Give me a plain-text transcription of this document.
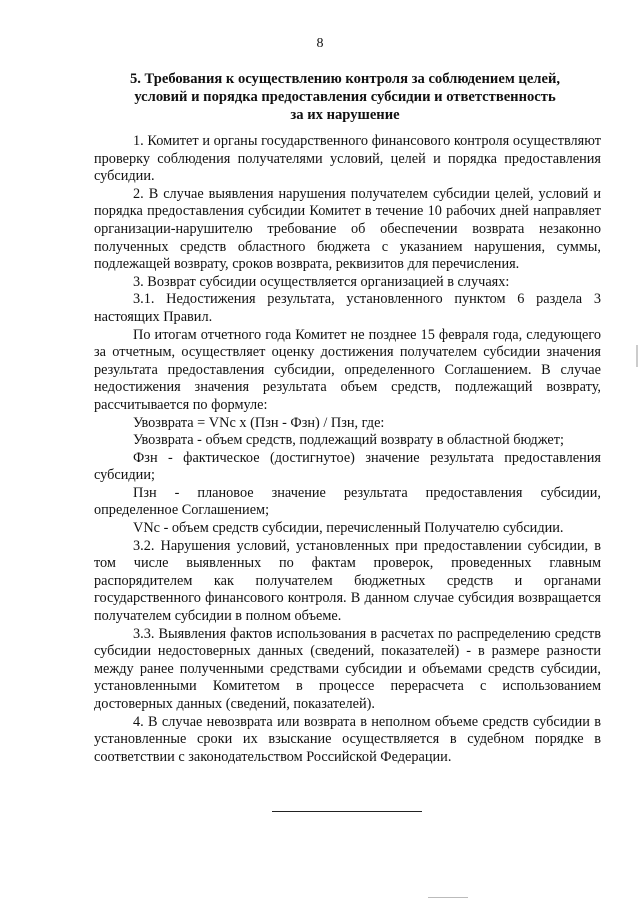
8
5. Требования к осуществлению контроля за соблюдением целей,
условий и порядка предоставления субсидии и ответственность
за их нарушение

1. Комитет и органы государственного финансового контроля осуществляют проверку соблюдения получателями условий, целей и порядка предоставления субсидии.

2. В случае выявления нарушения получателем субсидии целей, условий и порядка предоставления субсидии Комитет в течение 10 рабочих дней направляет организации-нарушителю требование об обеспечении возврата незаконно полученных средств областного бюджета с указанием нарушения, суммы, подлежащей возврату, сроков возврата, реквизитов для перечисления.

3. Возврат субсидии осуществляется организацией в случаях:

3.1. Недостижения результата, установленного пунктом 6 раздела 3 настоящих Правил.

По итогам отчетного года Комитет не позднее 15 февраля года, следующего за отчетным, осуществляет оценку достижения получателем субсидии значения результата предоставления субсидии, определенного Соглашением. В случае недостижения значения результата объем средств, подлежащий возврату, рассчитывается по формуле:

Увозврата = VNc х (Пзн - Фзн) / Пзн, где:

Увозврата - объем средств, подлежащий возврату в областной бюджет;

Фзн - фактическое (достигнутое) значение результата предоставления субсидии;

Пзн - плановое значение результата предоставления субсидии, определенное Соглашением;

VNc - объем средств субсидии, перечисленный Получателю субсидии.

3.2. Нарушения условий, установленных при предоставлении субсидии, в том числе выявленных по фактам проверок, проведенных главным распорядителем как получателем бюджетных средств и органами государственного финансового контроля. В данном случае субсидия возвращается получателем субсидии в полном объеме.

3.3. Выявления фактов использования в расчетах по распределению средств субсидии недостоверных данных (сведений, показателей) - в размере разности между ранее полученными средствами субсидии и объемами средств субсидии, установленными Комитетом в процессе перерасчета с использованием достоверных данных (сведений, показателей).

4. В случае невозврата или возврата в неполном объеме средств субсидии в установленные сроки их взыскание осуществляется в судебном порядке в соответствии с законодательством Российской Федерации.
